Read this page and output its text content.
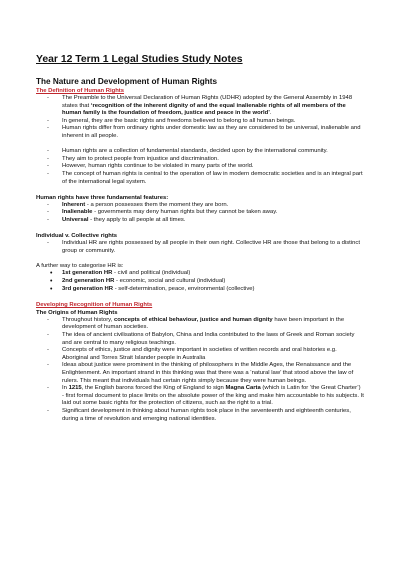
Year 12 Term 1 Legal Studies Study Notes
The Nature and Development of Human Rights
The Definition of Human Rights
- The Preamble to the Universal Declaration of Human Rights (UDHR) adopted by the General Assembly in 1948 states that ‘recognition of the inherent dignity of and the equal inalienable rights of all members of the human family is the foundation of freedom, justice and peace in the world’.
- In general, they are the basic rights and freedoms believed to belong to all human beings.
- Human rights differ from ordinary rights under domestic law as they are considered to be universal, inalienable and inherent in all people.
- Human rights are a collection of fundamental standards, decided upon by the international community.
- They aim to protect people from injustice and discrimination.
- However, human rights continue to be violated in many parts of the world.
- The concept of human rights is central to the operation of law in modern democratic societies and is an integral part of the international legal system.
Human rights have three fundamental features:
- Inherent - a person possesses them the moment they are born.
- Inalienable - governments may deny human rights but they cannot be taken away.
- Universal - they apply to all people at all times.
Individual v. Collective rights
- Individual HR are rights possessed by all people in their own right. Collective HR are those that belong to a distinct group or community.
A further way to categorise HR is:
• 1st generation HR - civil and political (individual)
• 2nd generation HR - economic, social and cultural (individual)
• 3rd generation HR - self-determination, peace, environmental (collective)
Developing Recognition of Human Rights
The Origins of Human Rights
- Throughout history, concepts of ethical behaviour, justice and human dignity have been important in the development of human societies.
- The idea of ancient civilisations of Babylon, China and India contributed to the laws of Greek and Roman society and are central to many religious teachings.
- Concepts of ethics, justice and dignity were important in societies of written records and oral histories e.g. Aboriginal and Torres Strait Islander people in Australia
- Ideas about justice were prominent in the thinking of philosophers in the Middle Ages, the Renaissance and the Enlightenment. An important strand in this thinking was that there was a ‘natural law’ that stood above the law of rulers. This meant that individuals had certain rights simply because they were human beings.
- In 1215, the English barons forced the King of England to sign Magna Carta (which is Latin for ‘the Great Charter’) - first formal document to place limits on the absolute power of the king and make him accountable to his subjects. It laid out some basic rights for the protection of citizens, such as the right to a trial.
- Significant development in thinking about human rights took place in the seventeenth and eighteenth centuries, during a time of revolution and emerging national identities.
